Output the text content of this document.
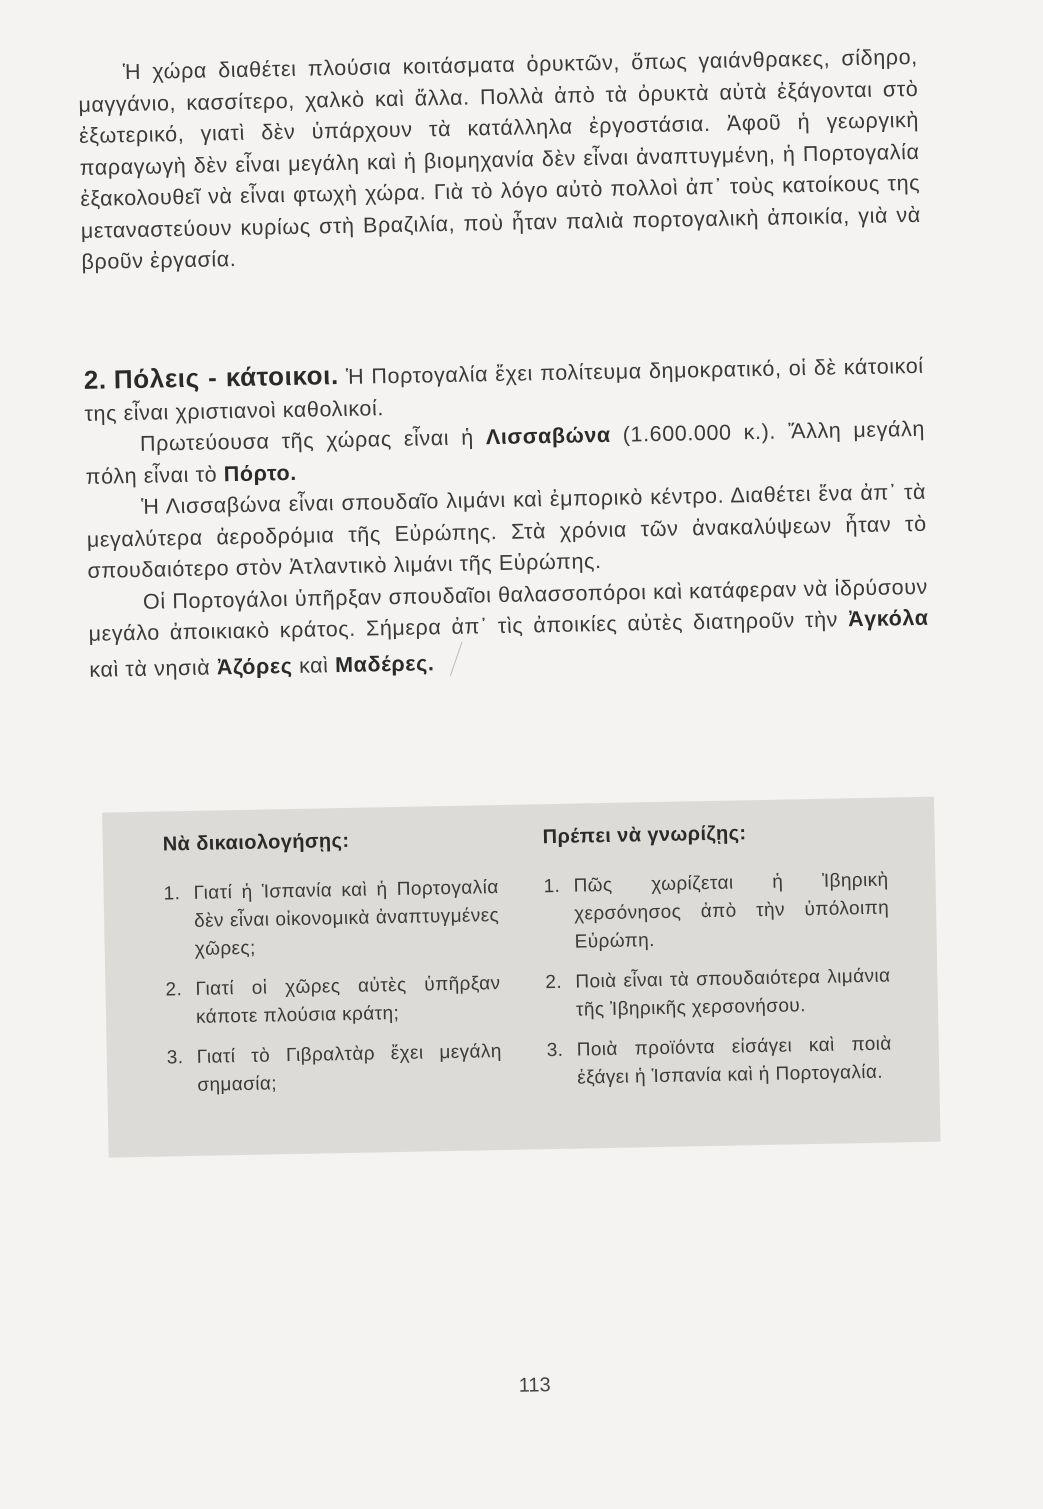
Ἡ χώρα διαθέτει πλούσια κοιτάσματα ὀρυκτῶν, ὅπως γαιάνθρακες, σίδηρο, μαγγάνιο, κασσίτερο, χαλκὸ καὶ ἄλλα. Πολλὰ ἀπὸ τὰ ὀρυκτὰ αὐτὰ ἐξάγονται στὸ ἐξωτερικό, γιατὶ δὲν ὑπάρχουν τὰ κατάλληλα ἐργοστάσια. Ἀφοῦ ἡ γεωργικὴ παραγωγὴ δὲν εἶναι μεγάλη καὶ ἡ βιομηχανία δὲν εἶναι ἀναπτυγμένη, ἡ Πορτογαλία ἐξακολουθεῖ νὰ εἶναι φτωχὴ χώρα. Γιὰ τὸ λόγο αὐτὸ πολλοὶ ἀπ᾽ τοὺς κατοίκους της μεταναστεύουν κυρίως στὴ Βραζιλία, ποὺ ἦταν παλιὰ πορτογαλικὴ ἀποικία, γιὰ νὰ βροῦν ἐργασία.
2. Πόλεις - κάτοικοι. Ἡ Πορτογαλία ἔχει πολίτευμα δημοκρατικό, οἱ δὲ κάτοικοί της εἶναι χριστιανοὶ καθολικοί.
Πρωτεύουσα τῆς χώρας εἶναι ἡ Λισσαβώνα (1.600.000 κ.). Ἄλλη μεγάλη πόλη εἶναι τὸ Πόρτο.
Ἡ Λισσαβώνα εἶναι σπουδαῖο λιμάνι καὶ ἐμπορικὸ κέντρο. Διαθέτει ἕνα ἀπ᾽ τὰ μεγαλύτερα ἀεροδρόμια τῆς Εὐρώπης. Στὰ χρόνια τῶν ἀνακαλύψεων ἦταν τὸ σπουδαιότερο στὸν Ἀτλαντικὸ λιμάνι τῆς Εὐρώπης.
Οἱ Πορτογάλοι ὑπῆρξαν σπουδαῖοι θαλασσοπόροι καὶ κατάφεραν νὰ ἱδρύσουν μεγάλο ἀποικιακὸ κράτος. Σήμερα ἀπ᾽ τὶς ἀποικίες αὐτὲς διατηροῦν τὴν Ἀγκόλα καὶ τὰ νησιὰ Ἀζόρες καὶ Μαδέρες.
Νὰ δικαιολογήσῃς:
1. Γιατί ἡ Ἱσπανία καὶ ἡ Πορτογαλία δὲν εἶναι οἰκονομικὰ ἀναπτυγμένες χῶρες;
2. Γιατί οἱ χῶρες αὐτὲς ὑπῆρξαν κάποτε πλούσια κράτη;
3. Γιατί τὸ Γιβραλτὰρ ἔχει μεγάλη σημασία;
Πρέπει νὰ γνωρίζῃς:
1. Πῶς χωρίζεται ἡ Ἰβηρικὴ χερσόνησος ἀπὸ τὴν ὑπόλοιπη Εὐρώπη.
2. Ποιὰ εἶναι τὰ σπουδαιότερα λιμάνια τῆς Ἰβηρικῆς χερσονήσου.
3. Ποιὰ προϊόντα εἰσάγει καὶ ποιὰ ἐξάγει ἡ Ἱσπανία καὶ ἡ Πορτογαλία.
113
